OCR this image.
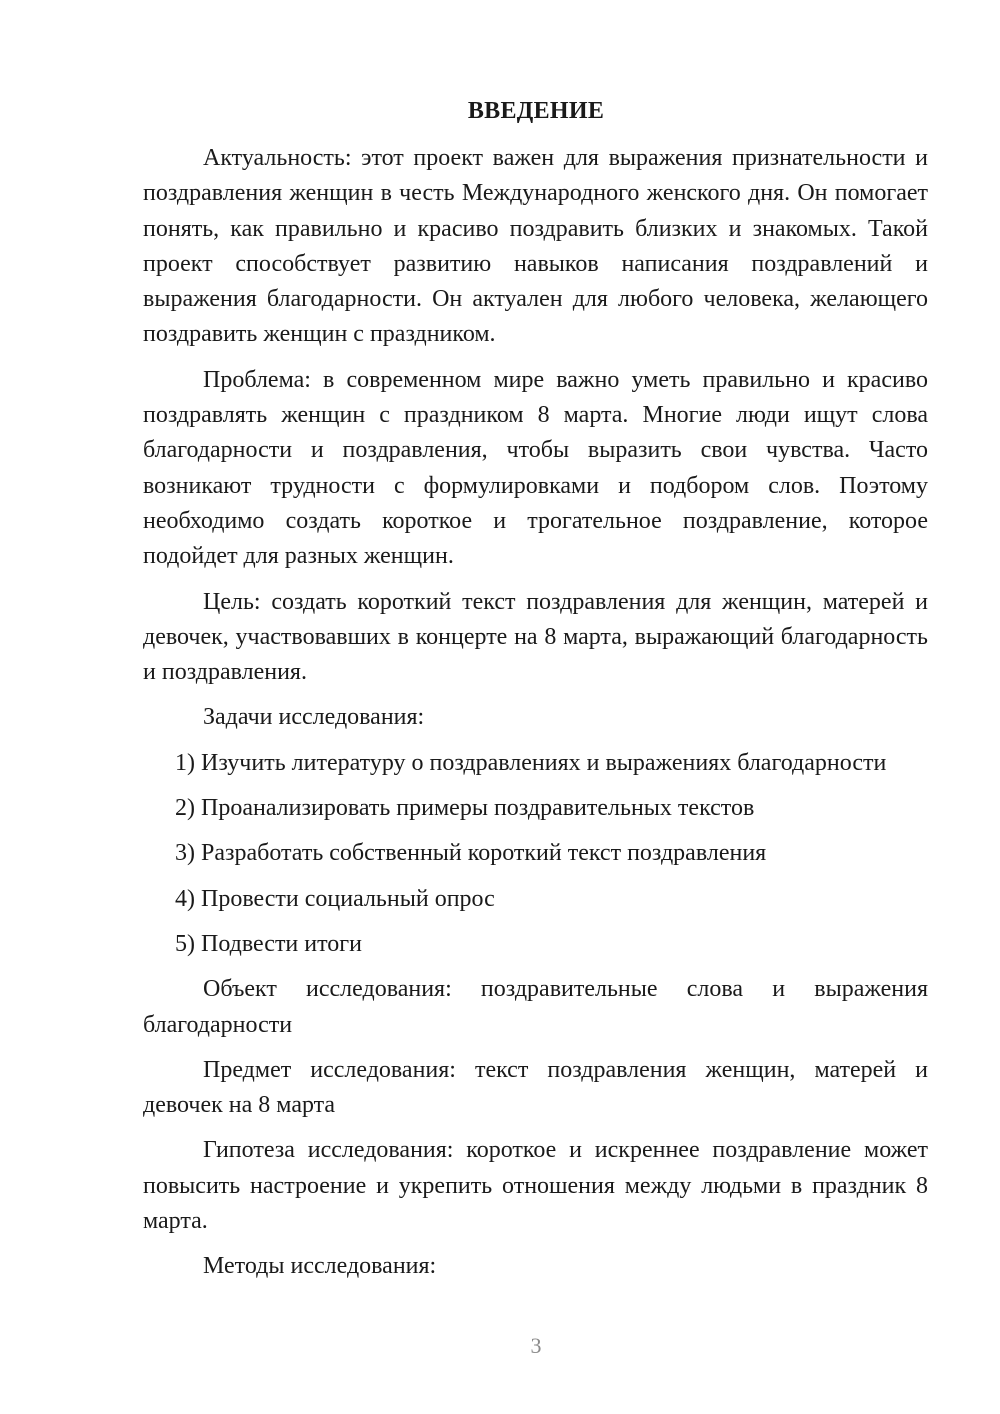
ВВЕДЕНИЕ

Актуальность: этот проект важен для выражения признательности и поздравления женщин в честь Международного женского дня. Он помогает понять, как правильно и красиво поздравить близких и знакомых. Такой проект способствует развитию навыков написания поздравлений и выражения благодарности. Он актуален для любого человека, желающего поздравить женщин с праздником.

Проблема: в современном мире важно уметь правильно и красиво поздравлять женщин с праздником 8 марта. Многие люди ищут слова благодарности и поздравления, чтобы выразить свои чувства. Часто возникают трудности с формулировками и подбором слов. Поэтому необходимо создать короткое и трогательное поздравление, которое подойдет для разных женщин.

Цель: создать короткий текст поздравления для женщин, матерей и девочек, участвовавших в концерте на 8 марта, выражающий благодарность и поздравления.

Задачи исследования:

1) Изучить литературу о поздравлениях и выражениях благодарности
2) Проанализировать примеры поздравительных текстов
3) Разработать собственный короткий текст поздравления
4) Провести социальный опрос
5) Подвести итоги

Объект исследования: поздравительные слова и выражения благодарности

Предмет исследования: текст поздравления женщин, матерей и девочек на 8 марта

Гипотеза исследования: короткое и искреннее поздравление может повысить настроение и укрепить отношения между людьми в праздник 8 марта.

Методы исследования:

3
